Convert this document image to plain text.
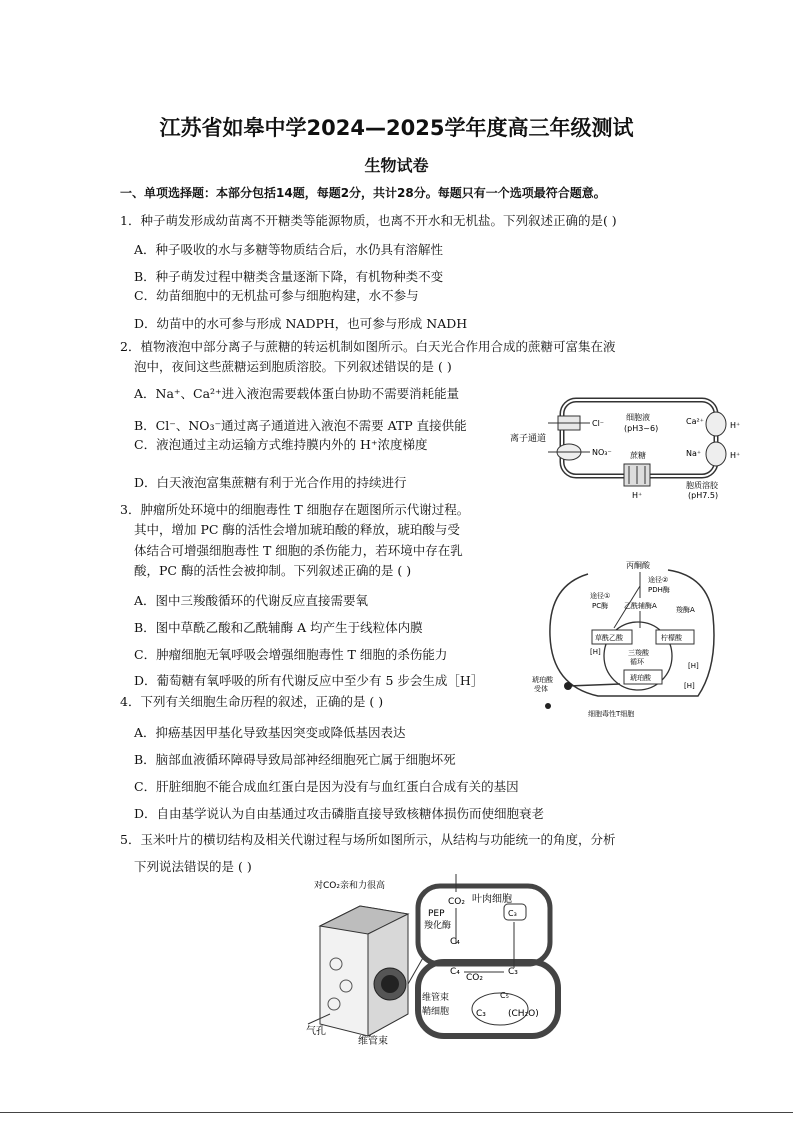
江苏省如皋中学2024—2025学年度高三年级测试
生物试卷
一、单项选择题：本部分包括14题，每题2分，共计28分。每题只有一个选项最符合题意。
1．种子萌发形成幼苗离不开糖类等能源物质，也离不开水和无机盐。下列叙述正确的是( )
A．种子吸收的水与多糖等物质结合后，水仍具有溶解性
B．种子萌发过程中糖类含量逐渐下降，有机物种类不变
C．幼苗细胞中的无机盐可参与细胞构建，水不参与
D．幼苗中的水可参与形成 NADPH，也可参与形成 NADH
2．植物液泡中部分离子与蔗糖的转运机制如图所示。白天光合作用合成的蔗糖可富集在液
泡中，夜间这些蔗糖运到胞质溶胶。下列叙述错误的是 ( )
A．Na⁺、Ca²⁺进入液泡需要载体蛋白协助不需要消耗能量
B．Cl⁻、NO₃⁻通过离子通道进入液泡不需要 ATP 直接供能
C．液泡通过主动运输方式维持膜内外的 H⁺浓度梯度
D．白天液泡富集蔗糖有利于光合作用的持续进行
离子通道
Cl⁻
NO₃⁻
细胞液
(pH3~6)
Ca²⁺	H⁺
Na⁺	H⁺
蔗糖
H⁺
胞质溶胶
(pH7.5)
3．肿瘤所处环境中的细胞毒性 T 细胞存在题图所示代谢过程。
其中，增加 PC 酶的活性会增加琥珀酸的释放，琥珀酸与受
体结合可增强细胞毒性 T 细胞的杀伤能力，若环境中存在乳
酸，PC 酶的活性会被抑制。下列叙述正确的是 ( )
A．图中三羧酸循环的代谢反应直接需要氧
B．图中草酰乙酸和乙酰辅酶 A 均产生于线粒体内膜
C．肿瘤细胞无氧呼吸会增强细胞毒性 T 细胞的杀伤能力
D．葡萄糖有氧呼吸的所有代谢反应中至少有 5 步会生成［H］
丙酮酸
途径②
PDH酶
途径①
PC酶 乙酰辅酶A	羧酶A
草酰乙酸	柠檬酸
三羧酸
循环
琥珀酸
[H]
[H]
[H]
琥珀酸
受体
细胞毒性T细胞
4．下列有关细胞生命历程的叙述，正确的是 ( )
A．抑癌基因甲基化导致基因突变或降低基因表达
B．脑部血液循环障碍导致局部神经细胞死亡属于细胞坏死
C．肝脏细胞不能合成血红蛋白是因为没有与血红蛋白合成有关的基因
D．自由基学说认为自由基通过攻击磷脂直接导致核糖体损伤而使细胞衰老
5．玉米叶片的横切结构及相关代谢过程与场所如图所示，从结构与功能统一的角度，分析
下列说法错误的是 ( )
对CO₂亲和力很高
CO₂ 叶肉细胞
C₃
PEP
羧化酶
C₄
C₄
CO₂
C₃
维管束
鞘细胞
C₅
C₃ (CH₂O)
气孔
维管束
